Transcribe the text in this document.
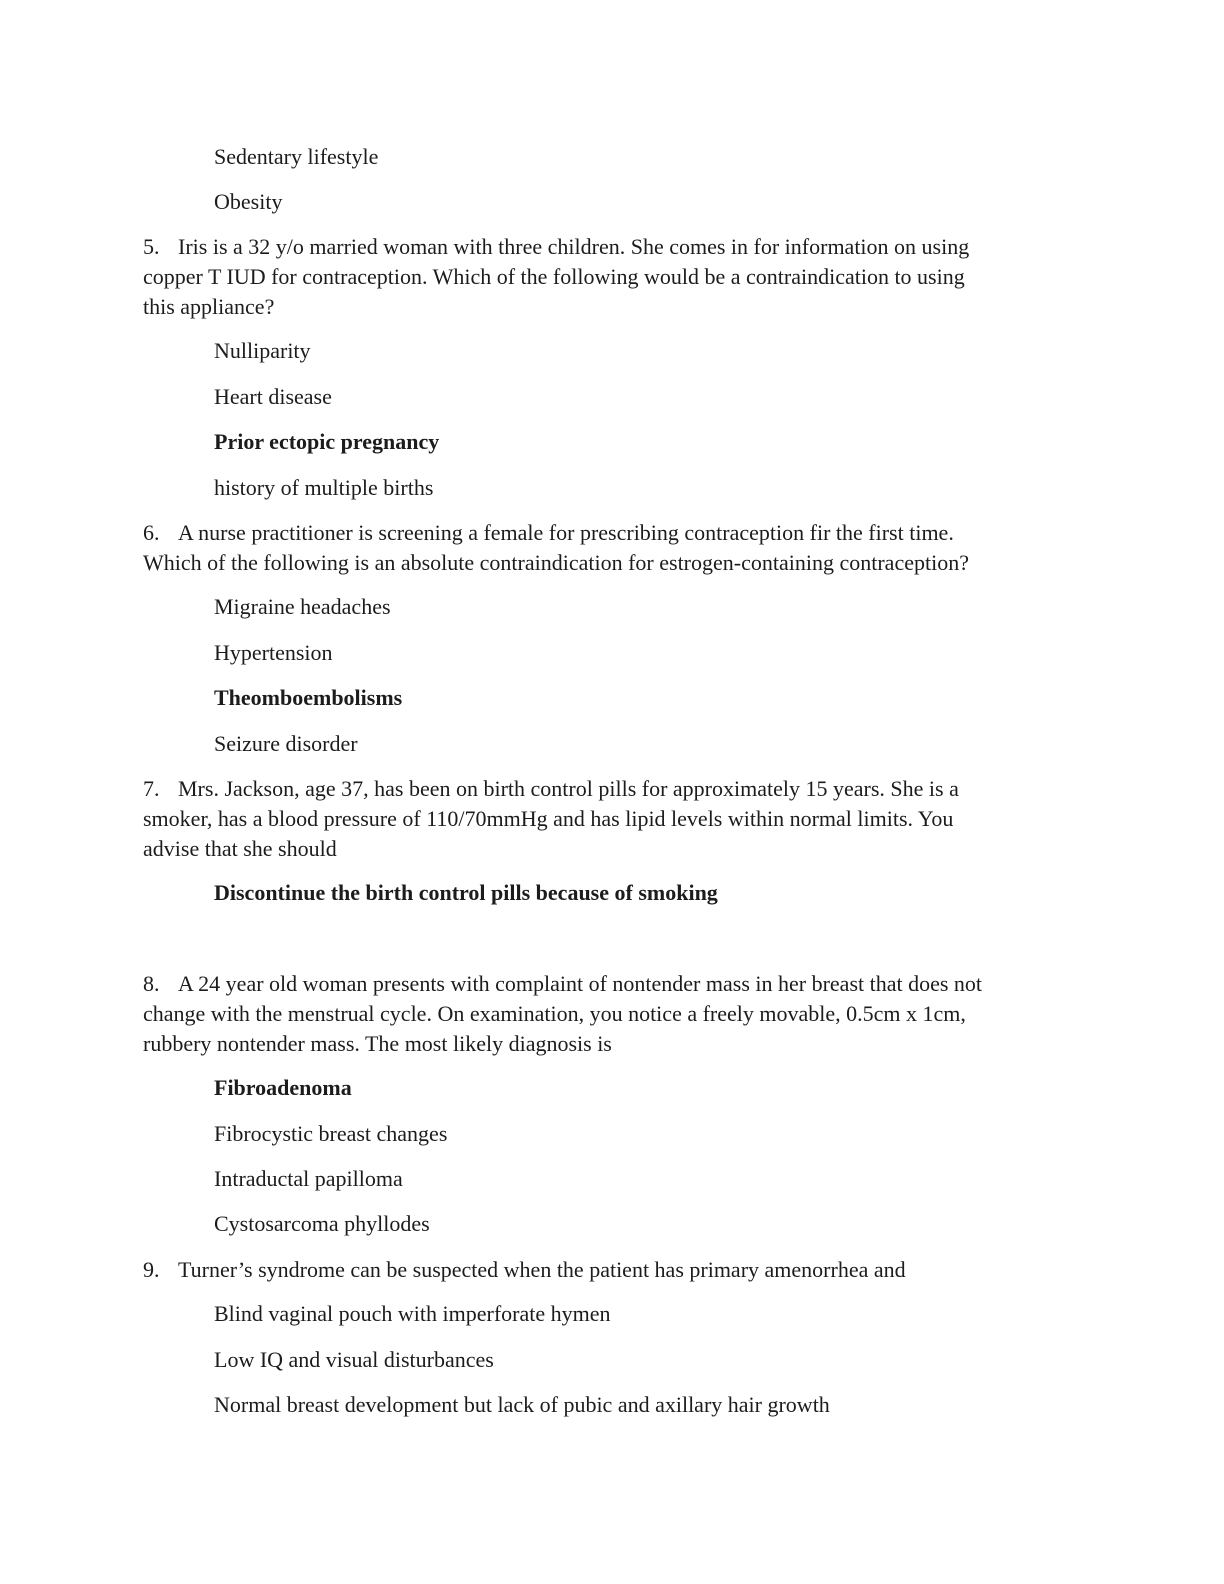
Sedentary lifestyle
Obesity
5. Iris is a 32 y/o married woman with three children. She comes in for information on using
copper T IUD for contraception. Which of the following would be a contraindication to using
this appliance?
Nulliparity
Heart disease
Prior ectopic pregnancy
history of multiple births
6. A nurse practitioner is screening a female for prescribing contraception fir the first time.
Which of the following is an absolute contraindication for estrogen-containing contraception?
Migraine headaches
Hypertension
Theomboembolisms
Seizure disorder
7. Mrs. Jackson, age 37, has been on birth control pills for approximately 15 years. She is a
smoker, has a blood pressure of 110/70mmHg and has lipid levels within normal limits. You
advise that she should
Discontinue the birth control pills because of smoking
8. A 24 year old woman presents with complaint of nontender mass in her breast that does not
change with the menstrual cycle. On examination, you notice a freely movable, 0.5cm x 1cm,
rubbery nontender mass. The most likely diagnosis is
Fibroadenoma
Fibrocystic breast changes
Intraductal papilloma
Cystosarcoma phyllodes
9. Turner’s syndrome can be suspected when the patient has primary amenorrhea and
Blind vaginal pouch with imperforate hymen
Low IQ and visual disturbances
Normal breast development but lack of pubic and axillary hair growth
